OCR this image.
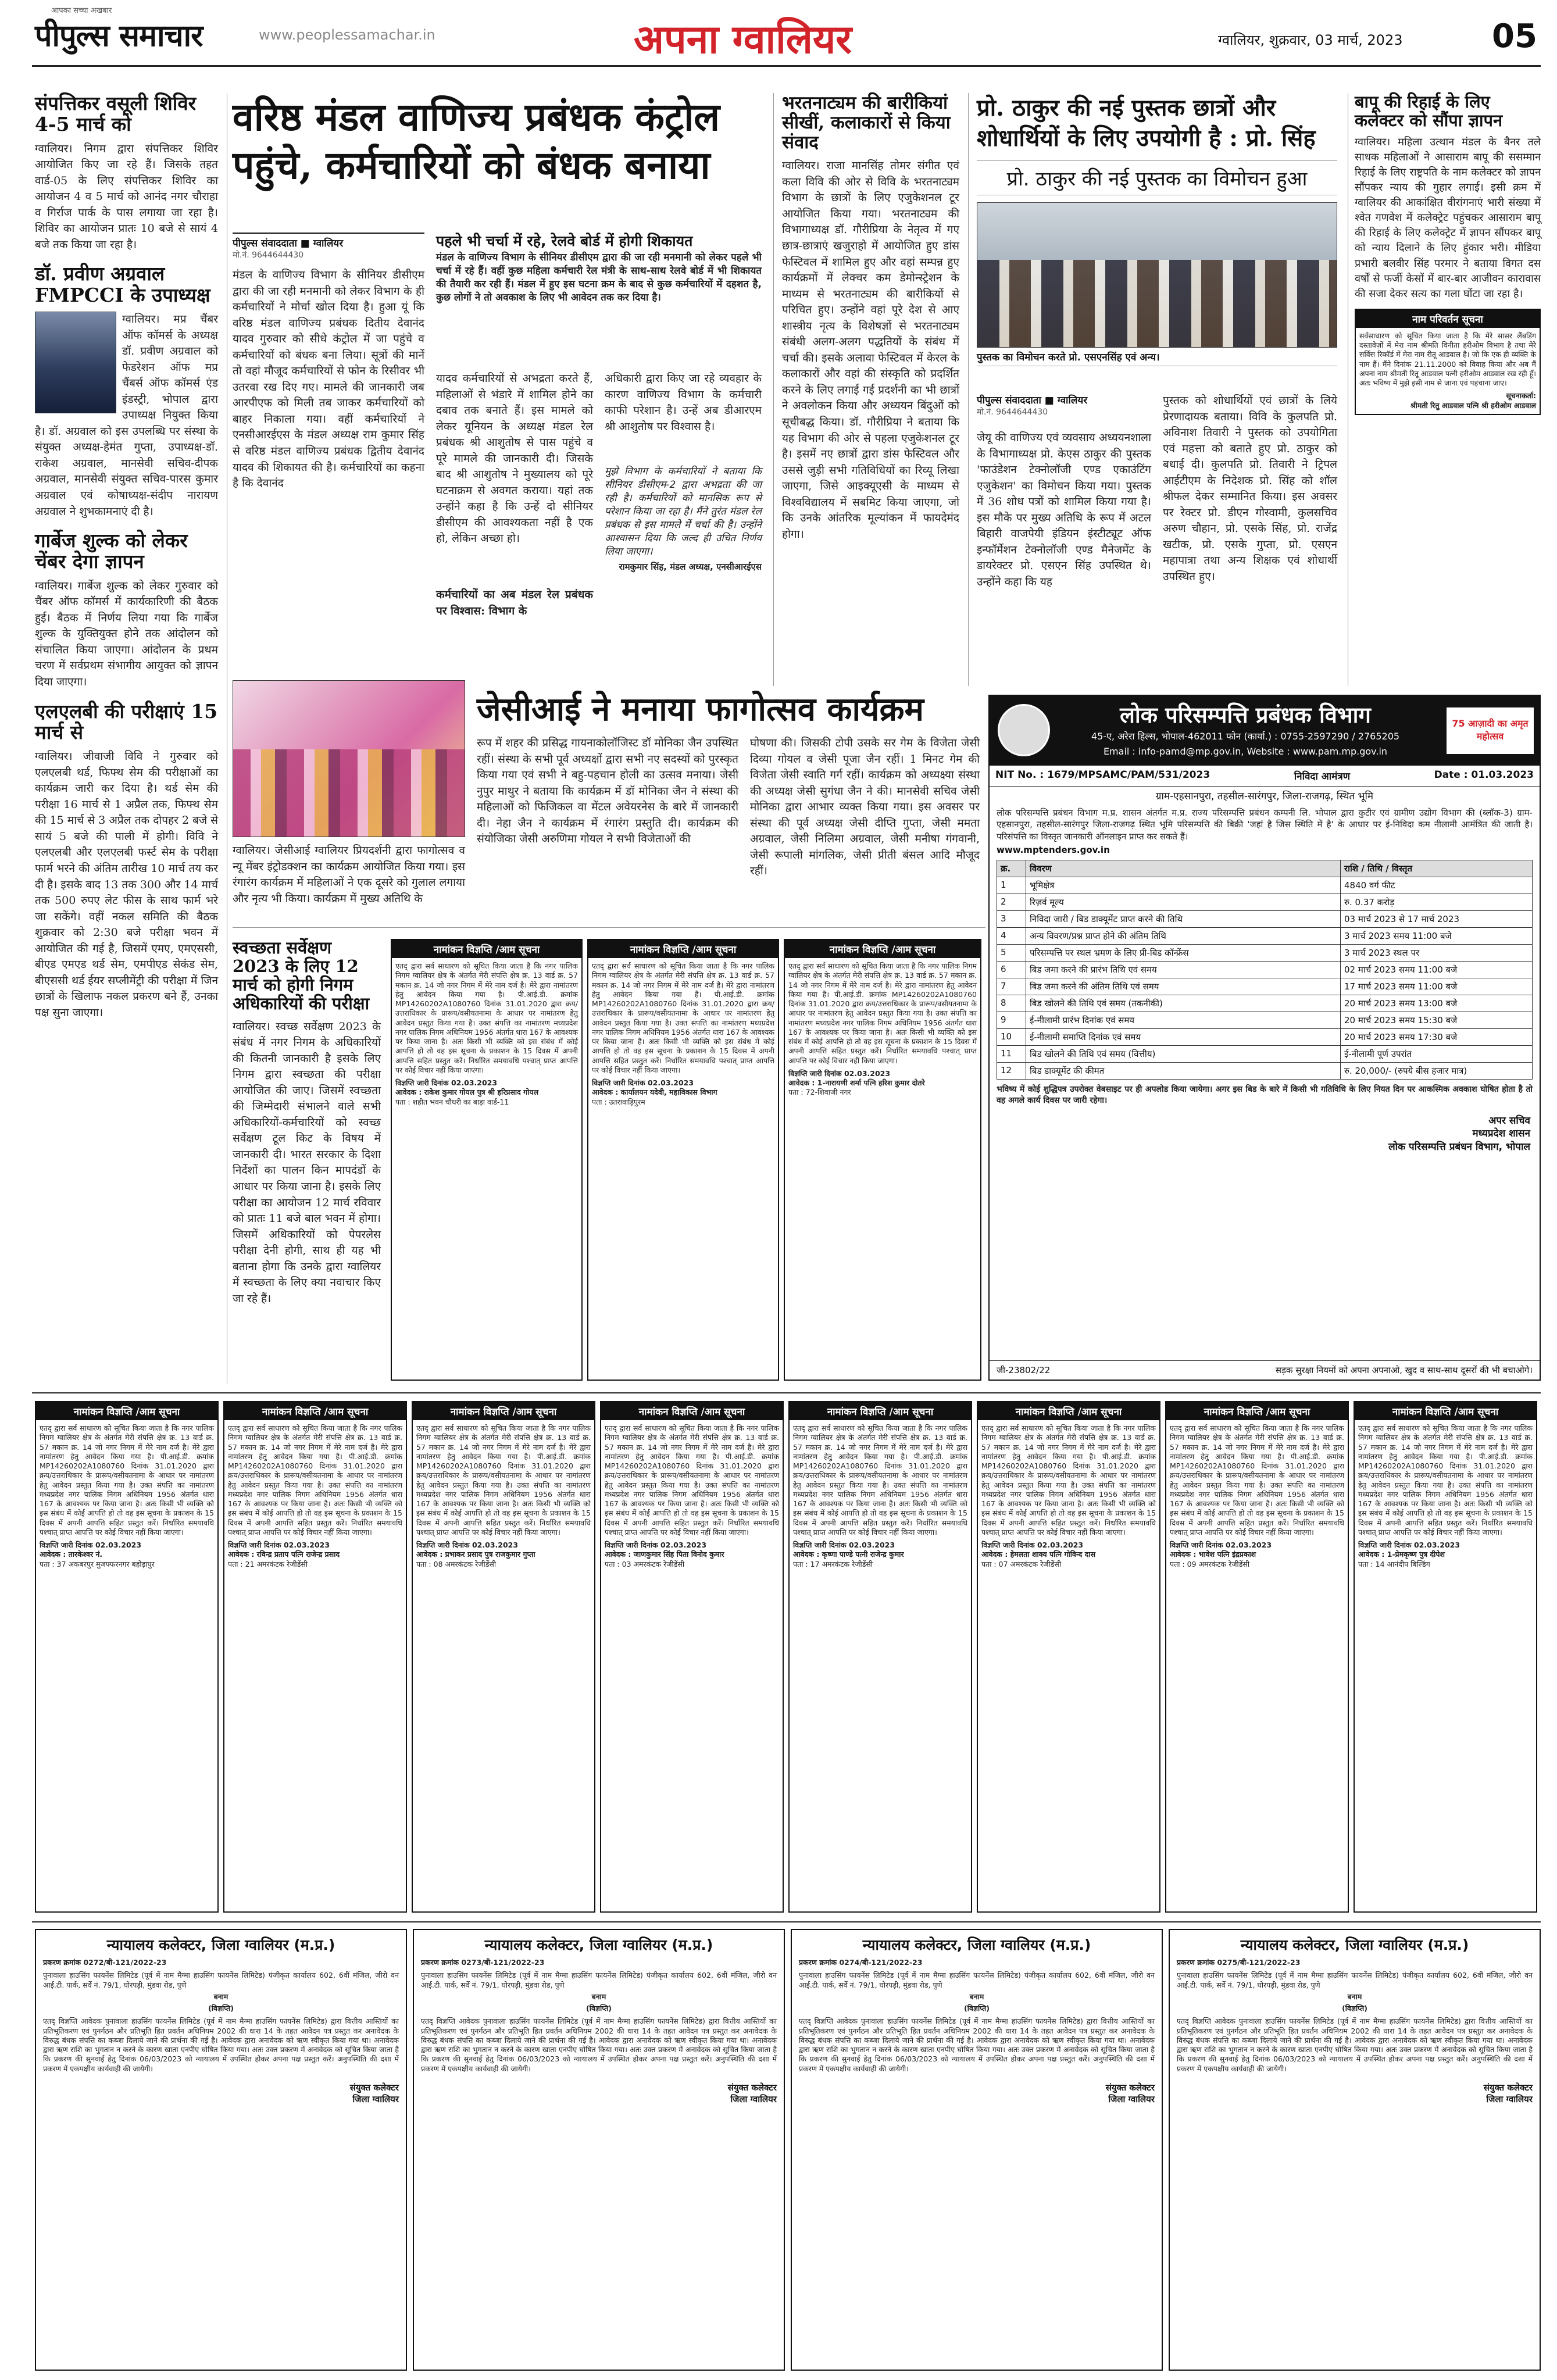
आपका सच्चा अखबार
पीपुल्स समाचार	www.peoplessamachar.in	अपना ग्वालियर	ग्वालियर, शुक्रवार, 03 मार्च, 2023	05
संपत्तिकर वसूली शिविर 4-5 मार्च को
ग्वालियर। निगम द्वारा संपत्तिकर शिविर आयोजित किए जा रहे हैं। जिसके तहत वार्ड-05 के लिए संपत्तिकर शिविर का आयोजन 4 व 5 मार्च को आनंद नगर चौराहा व गिर्राज पार्क के पास लगाया जा रहा है। शिविर का आयोजन प्रातः 10 बजे से सायं 4 बजे तक किया जा रहा है।
डॉ. प्रवीण अग्रवाल FMPCCI के उपाध्यक्ष
ग्वालियर। मप्र चैंबर ऑफ कॉमर्स के अध्यक्ष डॉ. प्रवीण अग्रवाल को फेडरेशन ऑफ मप्र चैंबर्स ऑफ कॉमर्स एंड इंडस्ट्री, भोपाल द्वारा उपाध्यक्ष नियुक्त किया है। डॉ. अग्रवाल को इस उपलब्धि पर संस्था के संयुक्त अध्यक्ष-हेमंत गुप्ता, उपाध्यक्ष-डॉ. राकेश अग्रवाल, मानसेवी सचिव-दीपक अग्रवाल, मानसेवी संयुक्त सचिव-पारस कुमार अग्रवाल एवं कोषाध्यक्ष-संदीप नारायण अग्रवाल ने शुभकामनाएं दी है।
गार्बेज शुल्क को लेकर चेंबर देगा ज्ञापन
ग्वालियर। गार्बेज शुल्क को लेकर गुरुवार को चैंबर ऑफ कॉमर्स में कार्यकारिणी की बैठक हुई। बैठक में निर्णय लिया गया कि गार्बेज शुल्क के युक्तियुक्त होने तक आंदोलन को संचालित किया जाएगा। आंदोलन के प्रथम चरण में सर्वप्रथम संभागीय आयुक्त को ज्ञापन दिया जाएगा।
एलएलबी की परीक्षाएं 15 मार्च से
ग्वालियर। जीवाजी विवि ने गुरुवार को एलएलबी थर्ड, फिफ्थ सेम की परीक्षाओं का कार्यक्रम जारी कर दिया है। थर्ड सेम की परीक्षा 16 मार्च से 1 अप्रैल तक, फिफ्थ सेम की 15 मार्च से 3 अप्रैल तक दोपहर 2 बजे से सायं 5 बजे की पाली में होगी। विवि ने एलएलबी और एलएलबी फर्स्ट सेम के परीक्षा फार्म भरने की अंतिम तारीख 10 मार्च तय कर दी है। इसके बाद 13 तक 300 और 14 मार्च तक 500 रुपए लेट फीस के साथ फार्म भरे जा सकेंगे। वहीं नकल समिति की बैठक शुक्रवार को 2:30 बजे परीक्षा भवन में आयोजित की गई है, जिसमें एमए, एमएससी, बीएड एमएड थर्ड सेम, एमपीएड सेकंड सेम, बीएससी थर्ड ईयर सप्लीमेंट्री की परीक्षा में जिन छात्रों के खिलाफ नकल प्रकरण बने हैं, उनका पक्ष सुना जाएगा।
वरिष्ठ मंडल वाणिज्य प्रबंधक कंट्रोल
पहुंचे, कर्मचारियों को बंधक बनाया
पीपुल्स संवाददाता ■ ग्वालियर
मो.नं. 9644644430
पहले भी चर्चा में रहे, रेलवे बोर्ड में होगी शिकायत
मंडल के वाणिज्य विभाग के सीनियर डीसीएम द्वारा की जा रही मनमानी को लेकर पहले भी चर्चा में रहे हैं। वहीं कुछ महिला कर्मचारी रेल मंत्री के साथ-साथ रेलवे बोर्ड में भी शिकायत की तैयारी कर रही हैं। मंडल में हुए इस घटना क्रम के बाद से कुछ कर्मचारियों में दहशत है, कुछ लोगों ने तो अवकाश के लिए भी आवेदन तक कर दिया है।
मंडल के वाणिज्य विभाग के सीनियर डीसीएम द्वारा की जा रही मनमानी को लेकर विभाग के ही कर्मचारियों ने मोर्चा खोल दिया है। हुआ यूं कि वरिष्ठ मंडल वाणिज्य प्रबंधक दितीय देवानंद यादव गुरुवार को सीधे कंट्रोल में जा पहुंचे व कर्मचारियों को बंधक बना लिया। सूत्रों की मानें तो वहां मौजूद कर्मचारियों से फोन के रिसीवर भी उतरवा रख दिए गए। मामले की जानकारी जब आरपीएफ को मिली तब जाकर कर्मचारियों को बाहर निकाला गया। वहीं कर्मचारियों ने एनसीआरईएस के मंडल अध्यक्ष राम कुमार सिंह से वरिष्ठ मंडल वाणिज्य प्रबंधक द्वितीय देवानंद यादव की शिकायत की है। कर्मचारियों का कहना है कि देवानंद
यादव कर्मचारियों से अभद्रता करते हैं, महिलाओं से भंडारे में शामिल होने का दबाव तक बनाते हैं। इस मामले को लेकर यूनियन के अध्यक्ष मंडल रेल प्रबंधक श्री आशुतोष से पास पहुंचे व पूरे मामले की जानकारी दी। जिसके बाद श्री आशुतोष ने मुख्यालय को पूरे घटनाक्रम से अवगत कराया। यहां तक उन्होंने कहा है कि उन्हें दो सीनियर डीसीएम की आवश्यकता नहीं है एक हो, लेकिन अच्छा हो।
कर्मचारियों का अब मंडल रेल प्रबंधक पर विश्वास: विभाग के
अधिकारी द्वारा किए जा रहे व्यवहार के कारण वाणिज्य विभाग के कर्मचारी काफी परेशान है। उन्हें अब डीआरएम श्री आशुतोष पर विश्वास है।
मुझे विभाग के कर्मचारियों ने बताया कि सीनियर डीसीएम-2 द्वारा अभद्रता की जा रही है। कर्मचारियों को मानसिक रूप से परेशान किया जा रहा है। मैंने तुरंत मंडल रेल प्रबंधक से इस मामले में चर्चा की है। उन्होंने आश्वासन दिया कि जल्द ही उचित निर्णय लिया जाएगा।
रामकुमार सिंह, मंडल अध्यक्ष, एनसीआरईएस
भरतनाट्यम की बारीकियां सीखीं, कलाकारों से किया संवाद
ग्वालियर। राजा मानसिंह तोमर संगीत एवं कला विवि की ओर से विवि के भरतनाट्यम विभाग के छात्रों के लिए एजुकेशनल टूर आयोजित किया गया। भरतनाट्यम की विभागाध्यक्ष डॉ. गौरीप्रिया के नेतृत्व में गए छात्र-छात्राएं खजुराहो में आयोजित हुए डांस फेस्टिवल में शामिल हुए और वहां सम्पन्न हुए कार्यक्रमों में लेक्चर कम डेमोन्स्ट्रेशन के माध्यम से भरतनाट्यम की बारीकियों से परिचित हुए। उन्होंने वहां पूरे देश से आए शास्त्रीय नृत्य के विशेषज्ञों से भरतनाट्यम संबंधी अलग-अलग पद्धतियों के संबंध में चर्चा की। इसके अलावा फेस्टिवल में केरल के कलाकारों और वहां की संस्कृति को प्रदर्शित करने के लिए लगाई गई प्रदर्शनी का भी छात्रों ने अवलोकन किया और अध्ययन बिंदुओं को सूचीबद्ध किया। डॉ. गौरीप्रिया ने बताया कि यह विभाग की ओर से पहला एजुकेशनल टूर है। इसमें नए छात्रों द्वारा डांस फेस्टिवल और उससे जुड़ी सभी गतिविधियों का रिव्यू लिखा जाएगा, जिसे आइक्यूएसी के माध्यम से विश्वविद्यालय में सबमिट किया जाएगा, जो कि उनके आंतरिक मूल्यांकन में फायदेमंद होगा।
प्रो. ठाकुर की नई पुस्तक छात्रों और
शोधार्थियों के लिए उपयोगी है : प्रो. सिंह
प्रो. ठाकुर की नई पुस्तक का विमोचन हुआ
पुस्तक का विमोचन करते प्रो. एसएनसिंह एवं अन्य।
पीपुल्स संवाददाता ■ ग्वालियर
मो.नं. 9644644430
जेयू की वाणिज्य एवं व्यवसाय अध्ययनशाला के विभागाध्यक्ष प्रो. केएस ठाकुर की पुस्तक 'फाउंडेशन टेक्नोलॉजी एण्ड एकाउंटिंग एजुकेशन' का विमोचन किया गया। पुस्तक में 36 शोध पत्रों को शामिल किया गया है। इस मौके पर मुख्य अतिथि के रूप में अटल बिहारी वाजपेयी इंडियन इंस्टीट्यूट ऑफ इन्फॉर्मेशन टेक्नोलॉजी एण्ड मैनेजमेंट के डायरेक्टर प्रो. एसएन सिंह उपस्थित थे। उन्होंने कहा कि यह
पुस्तक को शोधार्थियों एवं छात्रों के लिये प्रेरणादायक बताया। विवि के कुलपति प्रो. अविनाश तिवारी ने पुस्तक को उपयोगिता एवं महत्ता को बताते हुए प्रो. ठाकुर को बधाई दी। कुलपति प्रो. तिवारी ने ट्रिपल आईटीएम के निदेशक प्रो. सिंह को शॉल श्रीफल देकर सम्मानित किया। इस अवसर पर रेक्टर प्रो. डीएन गोस्वामी, कुलसचिव अरुण चौहान, प्रो. एसके सिंह, प्रो. राजेंद्र खटीक, प्रो. एसके गुप्ता, प्रो. एसएन महापात्रा तथा अन्य शिक्षक एवं शोधार्थी उपस्थित हुए।
बापू की रिहाई के लिए कलेक्टर को सौंपा ज्ञापन
ग्वालियर। महिला उत्थान मंडल के बैनर तले साधक महिलाओं ने आसाराम बापू की ससम्मान रिहाई के लिए राष्ट्रपति के नाम कलेक्टर को ज्ञापन सौंपकर न्याय की गुहार लगाई। इसी क्रम में ग्वालियर की आकांक्षित वीरांगनाएं भारी संख्या में श्वेत गणवेश में कलेक्ट्रेट पहुंचकर आसाराम बापू की रिहाई के लिए कलेक्ट्रेट में ज्ञापन सौंपकर बापू को न्याय दिलाने के लिए हुंकार भरी। मीडिया प्रभारी बलवीर सिंह परमार ने बताया विगत दस वर्षों से फर्जी केसों में बार-बार आजीवन कारावास की सजा देकर सत्य का गला घोंटा जा रहा है।
नाम परिवर्तन सूचना
सर्वसाधारण को सूचित किया जाता है कि मेरे सासर लैंबडिंग दस्तावेज़ों में मेरा नाम श्रीमति विनीता हरीओम विभाग है तथा मेरे सर्विस रिकॉर्ड में मेरा नाम रीतू आडवाल है। जो कि एक ही व्यक्ति के नाम हैं। मैंने दिनांक 21.11.2000 को विवाह किया और अब मैं अपना नाम श्रीमती रितू आडवाल पत्नी हरीओम आडवाल रख रही हूँ। अतः भविष्य में मुझे इसी नाम से जाना एवं पहचाना जाए।
सूचनाकर्ता:
श्रीमती रितु आडवाल पत्नि श्री हरीओम आडवाल
जेसीआई ने मनाया फागोत्सव कार्यक्रम
ग्वालियर। जेसीआई ग्वालियर प्रियदर्शनी द्वारा फागोत्सव व न्यू मेंबर इंट्रोडक्शन का कार्यक्रम आयोजित किया गया। इस रंगारंग कार्यक्रम में महिलाओं ने एक दूसरे को गुलाल लगाया और नृत्य भी किया। कार्यक्रम में मुख्य अतिथि के
रूप में शहर की प्रसिद्ध गायनाकोलॉजिस्ट डॉ मोनिका जैन उपस्थित रहीं। संस्था के सभी पूर्व अध्यक्षों द्वारा सभी नए सदस्यों को पुरस्कृत किया गया एवं सभी ने बहु-पहचान होली का उत्सव मनाया। जेसी नुपुर माथुर ने बताया कि कार्यक्रम में डॉ मोनिका जैन ने संस्था की महिलाओं को फिजिकल वा मेंटल अवेयरनेस के बारे में जानकारी दी। नेहा जैन ने कार्यक्रम में रंगारंग प्रस्तुति दी। कार्यक्रम की संयोजिका जेसी अरुणिमा गोयल ने सभी विजेताओं की
घोषणा की। जिसकी टोपी उसके सर गेम के विजेता जेसी दिव्या गोयल व जेसी पूजा जैन रहीं। 1 मिनट गेम की विजेता जेसी स्वाति गर्ग रहीं। कार्यक्रम को अध्यक्ष्या संस्था की अध्यक्ष जेसी सुगंधा जैन ने की। मानसेवी सचिव जेसी मोनिका द्वारा आभार व्यक्त किया गया। इस अवसर पर संस्था की पूर्व अध्यक्ष जेसी दीप्ति गुप्ता, जेसी ममता अग्रवाल, जेसी निलिमा अग्रवाल, जेसी मनीषा गंगवानी, जेसी रूपाली मांगलिक, जेसी प्रीती बंसल आदि मौजूद रहीं।
स्वच्छता सर्वेक्षण 2023 के लिए 12 मार्च को होगी निगम अधिकारियों की परीक्षा
ग्वालियर। स्वच्छ सर्वेक्षण 2023 के संबंध में नगर निगम के अधिकारियों की कितनी जानकारी है इसके लिए निगम द्वारा स्वच्छता की परीक्षा आयोजित की जाए। जिसमें स्वच्छता की जिम्मेदारी संभालने वाले सभी अधिकारियों-कर्मचारियों को स्वच्छ सर्वेक्षण टूल किट के विषय में जानकारी दी। भारत सरकार के दिशा निर्देशों का पालन किन मापदंडों के आधार पर किया जाना है। इसके लिए परीक्षा का आयोजन 12 मार्च रविवार को प्रातः 11 बजे बाल भवन में होगा। जिसमें अधिकारियों को पेपरलेस परीक्षा देनी होगी, साथ ही यह भी बताना होगा कि उनके द्वारा ग्वालियर में स्वच्छता के लिए क्या नवाचार किए जा रहे हैं।
नामांकन विज्ञप्ति /आम सूचना
एतद् द्वारा सर्व साधारण को सूचित किया जाता है कि नगर पालिक निगम ग्वालियर क्षेत्र के अंतर्गत मेरी संपत्ति क्षेत्र क्र. 13 वार्ड क्र. 57 मकान क्र. 14 जो नगर निगम में मेरे नाम दर्ज है। मेरे द्वारा नामांतरण हेतु आवेदन किया गया है। पी.आई.डी. क्रमांक MP14260202A1080760 दिनांक 31.01.2020 द्वारा क्रय/उत्तराधिकार के प्रारूप/वसीयतनामा के आधार पर नामांतरण हेतु आवेदन प्रस्तुत किया गया है। उक्त संपत्ति का नामांतरण मध्यप्रदेश नगर पालिक निगम अधिनियम 1956 अंतर्गत धारा 167 के आवश्यक पर किया जाना है। अतः किसी भी व्यक्ति को इस संबंध में कोई आपत्ति हो तो वह इस सूचना के प्रकाशन के 15 दिवस में अपनी आपत्ति सहित प्रस्तुत करें। निर्धारित समयावधि पश्चात् प्राप्त आपत्ति पर कोई विचार नहीं किया जाएगा।
विज्ञप्ति जारी दिनांक 02.03.2023
आवेदक : राकेश कुमार गोयल पुत्र श्री हरिप्रसाद गोयल
पता : शहीत भवन चौधरी का बाड़ा वार्ड-11
नामांकन विज्ञप्ति /आम सूचना
एतद् द्वारा सर्व साधारण को सूचित किया जाता है कि नगर पालिक निगम ग्वालियर क्षेत्र के अंतर्गत मेरी संपत्ति क्षेत्र क्र. 13 वार्ड क्र. 57 मकान क्र. 14 जो नगर निगम में मेरे नाम दर्ज है। मेरे द्वारा नामांतरण हेतु आवेदन किया गया है। पी.आई.डी. क्रमांक MP14260202A1080760 दिनांक 31.01.2020 द्वारा क्रय/उत्तराधिकार के प्रारूप/वसीयतनामा के आधार पर नामांतरण हेतु आवेदन प्रस्तुत किया गया है। उक्त संपत्ति का नामांतरण मध्यप्रदेश नगर पालिक निगम अधिनियम 1956 अंतर्गत धारा 167 के आवश्यक पर किया जाना है। अतः किसी भी व्यक्ति को इस संबंध में कोई आपत्ति हो तो वह इस सूचना के प्रकाशन के 15 दिवस में अपनी आपत्ति सहित प्रस्तुत करें। निर्धारित समयावधि पश्चात् प्राप्त आपत्ति पर कोई विचार नहीं किया जाएगा।
विज्ञप्ति जारी दिनांक 02.03.2023
आवेदक : कार्यालयन यदेवी, महाविकास विभाग
पता : उतरावाड़िपुरम
नामांकन विज्ञप्ति /आम सूचना
एतद् द्वारा सर्व साधारण को सूचित किया जाता है कि नगर पालिक निगम ग्वालियर क्षेत्र के अंतर्गत मेरी संपत्ति क्षेत्र क्र. 13 वार्ड क्र. 57 मकान क्र. 14 जो नगर निगम में मेरे नाम दर्ज है। मेरे द्वारा नामांतरण हेतु आवेदन किया गया है। पी.आई.डी. क्रमांक MP14260202A1080760 दिनांक 31.01.2020 द्वारा क्रय/उत्तराधिकार के प्रारूप/वसीयतनामा के आधार पर नामांतरण हेतु आवेदन प्रस्तुत किया गया है। उक्त संपत्ति का नामांतरण मध्यप्रदेश नगर पालिक निगम अधिनियम 1956 अंतर्गत धारा 167 के आवश्यक पर किया जाना है। अतः किसी भी व्यक्ति को इस संबंध में कोई आपत्ति हो तो वह इस सूचना के प्रकाशन के 15 दिवस में अपनी आपत्ति सहित प्रस्तुत करें। निर्धारित समयावधि पश्चात् प्राप्त आपत्ति पर कोई विचार नहीं किया जाएगा।
विज्ञप्ति जारी दिनांक 02.03.2023
आवेदक : 1-नारायणी शर्मा पत्नि हरिश कुमार दोतरे
पता : 72-शिवाजी नगर
लोक परिसम्पत्ति प्रबंधक विभाग
45-ए, अरेरा हिल्स, भोपाल-462011 फोन (कार्या.) : 0755-2597290 / 2765205
Email : info-pamd@mp.gov.in, Website : www.pam.mp.gov.in
75 आज़ादी का अमृत महोत्सव
NIT No. : 1679/MPSAMC/PAM/531/2023	निविदा आमंत्रण	Date : 01.03.2023
ग्राम-एहसानपुरा, तहसील-सारंगपुर, जिला-राजगढ़, स्थित भूमि
लोक परिसम्पत्ति प्रबंधन विभाग म.प्र. शासन अंतर्गत म.प्र. राज्य परिसम्पत्ति प्रबंधन कम्पनी लि. भोपाल द्वारा कुटीर एवं ग्रामीण उद्योग विभाग की (ब्लॉक-3) ग्राम-एहसानपुरा, तहसील-सारंगपुर जिला-राजगढ़ स्थित भूमि परिसम्पत्ति की बिक्री 'जहां है जिस स्थिति में है' के आधार पर ई-निविदा कम नीलामी आमंत्रित की जाती है। परिसंपत्ति का विस्तृत जानकारी ऑनलाइन प्राप्त कर सकते हैं।
www.mptenders.gov.in
क्र.	विवरण	राशि / तिथि / विस्तृत
1	भूमिक्षेत्र	4840 वर्ग फीट
2	रिज़र्व मूल्य	रु. 0.37 करोड़
3	निविदा जारी / बिड डाक्यूमेंट प्राप्त करने की तिथि	03 मार्च 2023 से 17 मार्च 2023
4	अन्य विवरण/प्रश्न प्राप्त होने की अंतिम तिथि	3 मार्च 2023 समय 11:00 बजे
5	परिसम्पत्ति पर स्थल भ्रमण के लिए प्री-बिड कॉन्फ्रेंस	3 मार्च 2023 स्थल पर
6	बिड जमा करने की प्रारंभ तिथि एवं समय	02 मार्च 2023 समय 11:00 बजे
7	बिड जमा करने की अंतिम तिथि एवं समय	17 मार्च 2023 समय 11:00 बजे
8	बिड खोलने की तिथि एवं समय (तकनीकी)	20 मार्च 2023 समय 13:00 बजे
9	ई-नीलामी प्रारंभ दिनांक एवं समय	20 मार्च 2023 समय 15:30 बजे
10	ई-नीलामी समाप्ति दिनांक एवं समय	20 मार्च 2023 समय 17:30 बजे
11	बिड खोलने की तिथि एवं समय (वित्तीय)	ई-नीलामी पूर्ण उपरांत
12	बिड डाक्यूमेंट की कीमत	रु. 20,000/- (रुपये बीस हजार मात्र)
भविष्य में कोई शुद्धिपत्र उपरोक्त वेबसाइट पर ही अपलोड किया जायेगा। अगर इस बिड के बारे में किसी भी गतिविधि के लिए नियत दिन पर आकस्मिक अवकाश घोषित होता है तो वह अगले कार्य दिवस पर जारी रहेगा।
अपर सचिव
मध्यप्रदेश शासन
लोक परिसम्पत्ति प्रबंधन विभाग, भोपाल
जी-23802/22	सड़क सुरक्षा नियमों को अपना अपनाओ, खुद व साथ-साथ दूसरों की भी बचाओगे।
नामांकन विज्ञप्ति /आम सूचना
एतद् द्वारा सर्व साधारण को सूचित किया जाता है कि नगर पालिक निगम ग्वालियर क्षेत्र के अंतर्गत मेरी संपत्ति क्षेत्र क्र. 13 वार्ड क्र. 57 मकान क्र. 14 जो नगर निगम में मेरे नाम दर्ज है। मेरे द्वारा नामांतरण हेतु आवेदन किया गया है। पी.आई.डी. क्रमांक MP14260202A1080760 दिनांक 31.01.2020 द्वारा क्रय/उत्तराधिकार के प्रारूप/वसीयतनामा के आधार पर नामांतरण हेतु आवेदन प्रस्तुत किया गया है। उक्त संपत्ति का नामांतरण मध्यप्रदेश नगर पालिक निगम अधिनियम 1956 अंतर्गत धारा 167 के आवश्यक पर किया जाना है। अतः किसी भी व्यक्ति को इस संबंध में कोई आपत्ति हो तो वह इस सूचना के प्रकाशन के 15 दिवस में अपनी आपत्ति सहित प्रस्तुत करें। निर्धारित समयावधि पश्चात् प्राप्त आपत्ति पर कोई विचार नहीं किया जाएगा।
विज्ञप्ति जारी दिनांक 02.03.2023
आवेदक : तारकेश्वर नं.
पता : 37 अकबरपुर मुजफ्फरनगर बहोड़ापुर
नामांकन विज्ञप्ति /आम सूचना
एतद् द्वारा सर्व साधारण को सूचित किया जाता है कि नगर पालिक निगम ग्वालियर क्षेत्र के अंतर्गत मेरी संपत्ति क्षेत्र क्र. 13 वार्ड क्र. 57 मकान क्र. 14 जो नगर निगम में मेरे नाम दर्ज है। मेरे द्वारा नामांतरण हेतु आवेदन किया गया है। पी.आई.डी. क्रमांक MP14260202A1080760 दिनांक 31.01.2020 द्वारा क्रय/उत्तराधिकार के प्रारूप/वसीयतनामा के आधार पर नामांतरण हेतु आवेदन प्रस्तुत किया गया है। उक्त संपत्ति का नामांतरण मध्यप्रदेश नगर पालिक निगम अधिनियम 1956 अंतर्गत धारा 167 के आवश्यक पर किया जाना है। अतः किसी भी व्यक्ति को इस संबंध में कोई आपत्ति हो तो वह इस सूचना के प्रकाशन के 15 दिवस में अपनी आपत्ति सहित प्रस्तुत करें। निर्धारित समयावधि पश्चात् प्राप्त आपत्ति पर कोई विचार नहीं किया जाएगा।
विज्ञप्ति जारी दिनांक 02.03.2023
आवेदक : रविन्द्र प्रताप पत्नि राजेन्द्र प्रसाद
पता : 21 अमरकंटक रेजीडेंसी
नामांकन विज्ञप्ति /आम सूचना
एतद् द्वारा सर्व साधारण को सूचित किया जाता है कि नगर पालिक निगम ग्वालियर क्षेत्र के अंतर्गत मेरी संपत्ति क्षेत्र क्र. 13 वार्ड क्र. 57 मकान क्र. 14 जो नगर निगम में मेरे नाम दर्ज है। मेरे द्वारा नामांतरण हेतु आवेदन किया गया है। पी.आई.डी. क्रमांक MP14260202A1080760 दिनांक 31.01.2020 द्वारा क्रय/उत्तराधिकार के प्रारूप/वसीयतनामा के आधार पर नामांतरण हेतु आवेदन प्रस्तुत किया गया है। उक्त संपत्ति का नामांतरण मध्यप्रदेश नगर पालिक निगम अधिनियम 1956 अंतर्गत धारा 167 के आवश्यक पर किया जाना है। अतः किसी भी व्यक्ति को इस संबंध में कोई आपत्ति हो तो वह इस सूचना के प्रकाशन के 15 दिवस में अपनी आपत्ति सहित प्रस्तुत करें। निर्धारित समयावधि पश्चात् प्राप्त आपत्ति पर कोई विचार नहीं किया जाएगा।
विज्ञप्ति जारी दिनांक 02.03.2023
आवेदक : प्रभाकर प्रसाद पुत्र राजकुमार गुप्ता
पता : 08 अमरकंटक रेजीडेंसी
नामांकन विज्ञप्ति /आम सूचना
एतद् द्वारा सर्व साधारण को सूचित किया जाता है कि नगर पालिक निगम ग्वालियर क्षेत्र के अंतर्गत मेरी संपत्ति क्षेत्र क्र. 13 वार्ड क्र. 57 मकान क्र. 14 जो नगर निगम में मेरे नाम दर्ज है। मेरे द्वारा नामांतरण हेतु आवेदन किया गया है। पी.आई.डी. क्रमांक MP14260202A1080760 दिनांक 31.01.2020 द्वारा क्रय/उत्तराधिकार के प्रारूप/वसीयतनामा के आधार पर नामांतरण हेतु आवेदन प्रस्तुत किया गया है। उक्त संपत्ति का नामांतरण मध्यप्रदेश नगर पालिक निगम अधिनियम 1956 अंतर्गत धारा 167 के आवश्यक पर किया जाना है। अतः किसी भी व्यक्ति को इस संबंध में कोई आपत्ति हो तो वह इस सूचना के प्रकाशन के 15 दिवस में अपनी आपत्ति सहित प्रस्तुत करें। निर्धारित समयावधि पश्चात् प्राप्त आपत्ति पर कोई विचार नहीं किया जाएगा।
विज्ञप्ति जारी दिनांक 02.03.2023
आवेदक : जाणकुमार सिंह पिता विनोद कुमार
पता : 03 अमरकंटक रेजीडेंसी
नामांकन विज्ञप्ति /आम सूचना
एतद् द्वारा सर्व साधारण को सूचित किया जाता है कि नगर पालिक निगम ग्वालियर क्षेत्र के अंतर्गत मेरी संपत्ति क्षेत्र क्र. 13 वार्ड क्र. 57 मकान क्र. 14 जो नगर निगम में मेरे नाम दर्ज है। मेरे द्वारा नामांतरण हेतु आवेदन किया गया है। पी.आई.डी. क्रमांक MP14260202A1080760 दिनांक 31.01.2020 द्वारा क्रय/उत्तराधिकार के प्रारूप/वसीयतनामा के आधार पर नामांतरण हेतु आवेदन प्रस्तुत किया गया है। उक्त संपत्ति का नामांतरण मध्यप्रदेश नगर पालिक निगम अधिनियम 1956 अंतर्गत धारा 167 के आवश्यक पर किया जाना है। अतः किसी भी व्यक्ति को इस संबंध में कोई आपत्ति हो तो वह इस सूचना के प्रकाशन के 15 दिवस में अपनी आपत्ति सहित प्रस्तुत करें। निर्धारित समयावधि पश्चात् प्राप्त आपत्ति पर कोई विचार नहीं किया जाएगा।
विज्ञप्ति जारी दिनांक 02.03.2023
आवेदक : कृष्णा पाण्डे पत्नी राजेन्द्र कुमार
पता : 17 अमरकंटक रेजीडेंसी
नामांकन विज्ञप्ति /आम सूचना
एतद् द्वारा सर्व साधारण को सूचित किया जाता है कि नगर पालिक निगम ग्वालियर क्षेत्र के अंतर्गत मेरी संपत्ति क्षेत्र क्र. 13 वार्ड क्र. 57 मकान क्र. 14 जो नगर निगम में मेरे नाम दर्ज है। मेरे द्वारा नामांतरण हेतु आवेदन किया गया है। पी.आई.डी. क्रमांक MP14260202A1080760 दिनांक 31.01.2020 द्वारा क्रय/उत्तराधिकार के प्रारूप/वसीयतनामा के आधार पर नामांतरण हेतु आवेदन प्रस्तुत किया गया है। उक्त संपत्ति का नामांतरण मध्यप्रदेश नगर पालिक निगम अधिनियम 1956 अंतर्गत धारा 167 के आवश्यक पर किया जाना है। अतः किसी भी व्यक्ति को इस संबंध में कोई आपत्ति हो तो वह इस सूचना के प्रकाशन के 15 दिवस में अपनी आपत्ति सहित प्रस्तुत करें। निर्धारित समयावधि पश्चात् प्राप्त आपत्ति पर कोई विचार नहीं किया जाएगा।
विज्ञप्ति जारी दिनांक 02.03.2023
आवेदक : हेमलता शाक्य पत्नि गोविन्द दास
पता : 07 अमरकंटक रेजीडेंसी
नामांकन विज्ञप्ति /आम सूचना
एतद् द्वारा सर्व साधारण को सूचित किया जाता है कि नगर पालिक निगम ग्वालियर क्षेत्र के अंतर्गत मेरी संपत्ति क्षेत्र क्र. 13 वार्ड क्र. 57 मकान क्र. 14 जो नगर निगम में मेरे नाम दर्ज है। मेरे द्वारा नामांतरण हेतु आवेदन किया गया है। पी.आई.डी. क्रमांक MP14260202A1080760 दिनांक 31.01.2020 द्वारा क्रय/उत्तराधिकार के प्रारूप/वसीयतनामा के आधार पर नामांतरण हेतु आवेदन प्रस्तुत किया गया है। उक्त संपत्ति का नामांतरण मध्यप्रदेश नगर पालिक निगम अधिनियम 1956 अंतर्गत धारा 167 के आवश्यक पर किया जाना है। अतः किसी भी व्यक्ति को इस संबंध में कोई आपत्ति हो तो वह इस सूचना के प्रकाशन के 15 दिवस में अपनी आपत्ति सहित प्रस्तुत करें। निर्धारित समयावधि पश्चात् प्राप्त आपत्ति पर कोई विचार नहीं किया जाएगा।
विज्ञप्ति जारी दिनांक 02.03.2023
आवेदक : भावेश पत्नि इंद्रप्रकाश
पता : 09 अमरकंटक रेजीडेंसी
नामांकन विज्ञप्ति /आम सूचना
एतद् द्वारा सर्व साधारण को सूचित किया जाता है कि नगर पालिक निगम ग्वालियर क्षेत्र के अंतर्गत मेरी संपत्ति क्षेत्र क्र. 13 वार्ड क्र. 57 मकान क्र. 14 जो नगर निगम में मेरे नाम दर्ज है। मेरे द्वारा नामांतरण हेतु आवेदन किया गया है। पी.आई.डी. क्रमांक MP14260202A1080760 दिनांक 31.01.2020 द्वारा क्रय/उत्तराधिकार के प्रारूप/वसीयतनामा के आधार पर नामांतरण हेतु आवेदन प्रस्तुत किया गया है। उक्त संपत्ति का नामांतरण मध्यप्रदेश नगर पालिक निगम अधिनियम 1956 अंतर्गत धारा 167 के आवश्यक पर किया जाना है। अतः किसी भी व्यक्ति को इस संबंध में कोई आपत्ति हो तो वह इस सूचना के प्रकाशन के 15 दिवस में अपनी आपत्ति सहित प्रस्तुत करें। निर्धारित समयावधि पश्चात् प्राप्त आपत्ति पर कोई विचार नहीं किया जाएगा।
विज्ञप्ति जारी दिनांक 02.03.2023
आवेदक : 1-प्रेमकृष्ण पुत्र दीपेश
पता : 14 आनंदीप बिल्डिंग
न्यायालय कलेक्टर, जिला ग्वालियर (म.प्र.)
प्रकरण क्रमांक 0272/बी-121/2022-23
पुनावाला हाउसिंग फायनेंस लिमिटेड (पूर्व में नाम मैग्मा हाउसिंग फायनेंस लिमिटेड) पंजीकृत कार्यालय 602, 6वीं मंजिल, जीरो वन आई.टी. पार्क, सर्वे नं. 79/1, घोरपड़ी, मुंडवा रोड, पुणे
बनाम
(विज्ञप्ति)
एतद् विज्ञप्ति आवेदक पुनावाला हाउसिंग फायनेंस लिमिटेड (पूर्व में नाम मैग्मा हाउसिंग फायनेंस लिमिटेड) द्वारा वित्तीय आस्तियों का प्रतिभूतिकरण एवं पुनर्गठन और प्रतिभूति हित प्रवर्तन अधिनियम 2002 की धारा 14 के तहत आवेदन पत्र प्रस्तुत कर अनावेदक के विरुद्ध बंधक संपत्ति का कब्जा दिलाये जाने की प्रार्थना की गई है। आवेदक द्वारा अनावेदक को ऋण स्वीकृत किया गया था। अनावेदक द्वारा ऋण राशि का भुगतान न करने के कारण खाता एनपीए घोषित किया गया। अतः उक्त प्रकरण में अनावेदक को सूचित किया जाता है कि प्रकरण की सुनवाई हेतु दिनांक 06/03/2023 को न्यायालय में उपस्थित होकर अपना पक्ष प्रस्तुत करें। अनुपस्थिति की दशा में प्रकरण में एकपक्षीय कार्यवाही की जायेगी।
संयुक्त कलेक्टर
जिला ग्वालियर
न्यायालय कलेक्टर, जिला ग्वालियर (म.प्र.)
प्रकरण क्रमांक 0273/बी-121/2022-23
पुनावाला हाउसिंग फायनेंस लिमिटेड (पूर्व में नाम मैग्मा हाउसिंग फायनेंस लिमिटेड) पंजीकृत कार्यालय 602, 6वीं मंजिल, जीरो वन आई.टी. पार्क, सर्वे नं. 79/1, घोरपड़ी, मुंडवा रोड, पुणे
बनाम
(विज्ञप्ति)
एतद् विज्ञप्ति आवेदक पुनावाला हाउसिंग फायनेंस लिमिटेड (पूर्व में नाम मैग्मा हाउसिंग फायनेंस लिमिटेड) द्वारा वित्तीय आस्तियों का प्रतिभूतिकरण एवं पुनर्गठन और प्रतिभूति हित प्रवर्तन अधिनियम 2002 की धारा 14 के तहत आवेदन पत्र प्रस्तुत कर अनावेदक के विरुद्ध बंधक संपत्ति का कब्जा दिलाये जाने की प्रार्थना की गई है। आवेदक द्वारा अनावेदक को ऋण स्वीकृत किया गया था। अनावेदक द्वारा ऋण राशि का भुगतान न करने के कारण खाता एनपीए घोषित किया गया। अतः उक्त प्रकरण में अनावेदक को सूचित किया जाता है कि प्रकरण की सुनवाई हेतु दिनांक 06/03/2023 को न्यायालय में उपस्थित होकर अपना पक्ष प्रस्तुत करें। अनुपस्थिति की दशा में प्रकरण में एकपक्षीय कार्यवाही की जायेगी।
संयुक्त कलेक्टर
जिला ग्वालियर
न्यायालय कलेक्टर, जिला ग्वालियर (म.प्र.)
प्रकरण क्रमांक 0274/बी-121/2022-23
पुनावाला हाउसिंग फायनेंस लिमिटेड (पूर्व में नाम मैग्मा हाउसिंग फायनेंस लिमिटेड) पंजीकृत कार्यालय 602, 6वीं मंजिल, जीरो वन आई.टी. पार्क, सर्वे नं. 79/1, घोरपड़ी, मुंडवा रोड, पुणे
बनाम
(विज्ञप्ति)
एतद् विज्ञप्ति आवेदक पुनावाला हाउसिंग फायनेंस लिमिटेड (पूर्व में नाम मैग्मा हाउसिंग फायनेंस लिमिटेड) द्वारा वित्तीय आस्तियों का प्रतिभूतिकरण एवं पुनर्गठन और प्रतिभूति हित प्रवर्तन अधिनियम 2002 की धारा 14 के तहत आवेदन पत्र प्रस्तुत कर अनावेदक के विरुद्ध बंधक संपत्ति का कब्जा दिलाये जाने की प्रार्थना की गई है। आवेदक द्वारा अनावेदक को ऋण स्वीकृत किया गया था। अनावेदक द्वारा ऋण राशि का भुगतान न करने के कारण खाता एनपीए घोषित किया गया। अतः उक्त प्रकरण में अनावेदक को सूचित किया जाता है कि प्रकरण की सुनवाई हेतु दिनांक 06/03/2023 को न्यायालय में उपस्थित होकर अपना पक्ष प्रस्तुत करें। अनुपस्थिति की दशा में प्रकरण में एकपक्षीय कार्यवाही की जायेगी।
संयुक्त कलेक्टर
जिला ग्वालियर
न्यायालय कलेक्टर, जिला ग्वालियर (म.प्र.)
प्रकरण क्रमांक 0275/बी-121/2022-23
पुनावाला हाउसिंग फायनेंस लिमिटेड (पूर्व में नाम मैग्मा हाउसिंग फायनेंस लिमिटेड) पंजीकृत कार्यालय 602, 6वीं मंजिल, जीरो वन आई.टी. पार्क, सर्वे नं. 79/1, घोरपड़ी, मुंडवा रोड, पुणे
बनाम
(विज्ञप्ति)
एतद् विज्ञप्ति आवेदक पुनावाला हाउसिंग फायनेंस लिमिटेड (पूर्व में नाम मैग्मा हाउसिंग फायनेंस लिमिटेड) द्वारा वित्तीय आस्तियों का प्रतिभूतिकरण एवं पुनर्गठन और प्रतिभूति हित प्रवर्तन अधिनियम 2002 की धारा 14 के तहत आवेदन पत्र प्रस्तुत कर अनावेदक के विरुद्ध बंधक संपत्ति का कब्जा दिलाये जाने की प्रार्थना की गई है। आवेदक द्वारा अनावेदक को ऋण स्वीकृत किया गया था। अनावेदक द्वारा ऋण राशि का भुगतान न करने के कारण खाता एनपीए घोषित किया गया। अतः उक्त प्रकरण में अनावेदक को सूचित किया जाता है कि प्रकरण की सुनवाई हेतु दिनांक 06/03/2023 को न्यायालय में उपस्थित होकर अपना पक्ष प्रस्तुत करें। अनुपस्थिति की दशा में प्रकरण में एकपक्षीय कार्यवाही की जायेगी।
संयुक्त कलेक्टर
जिला ग्वालियर
